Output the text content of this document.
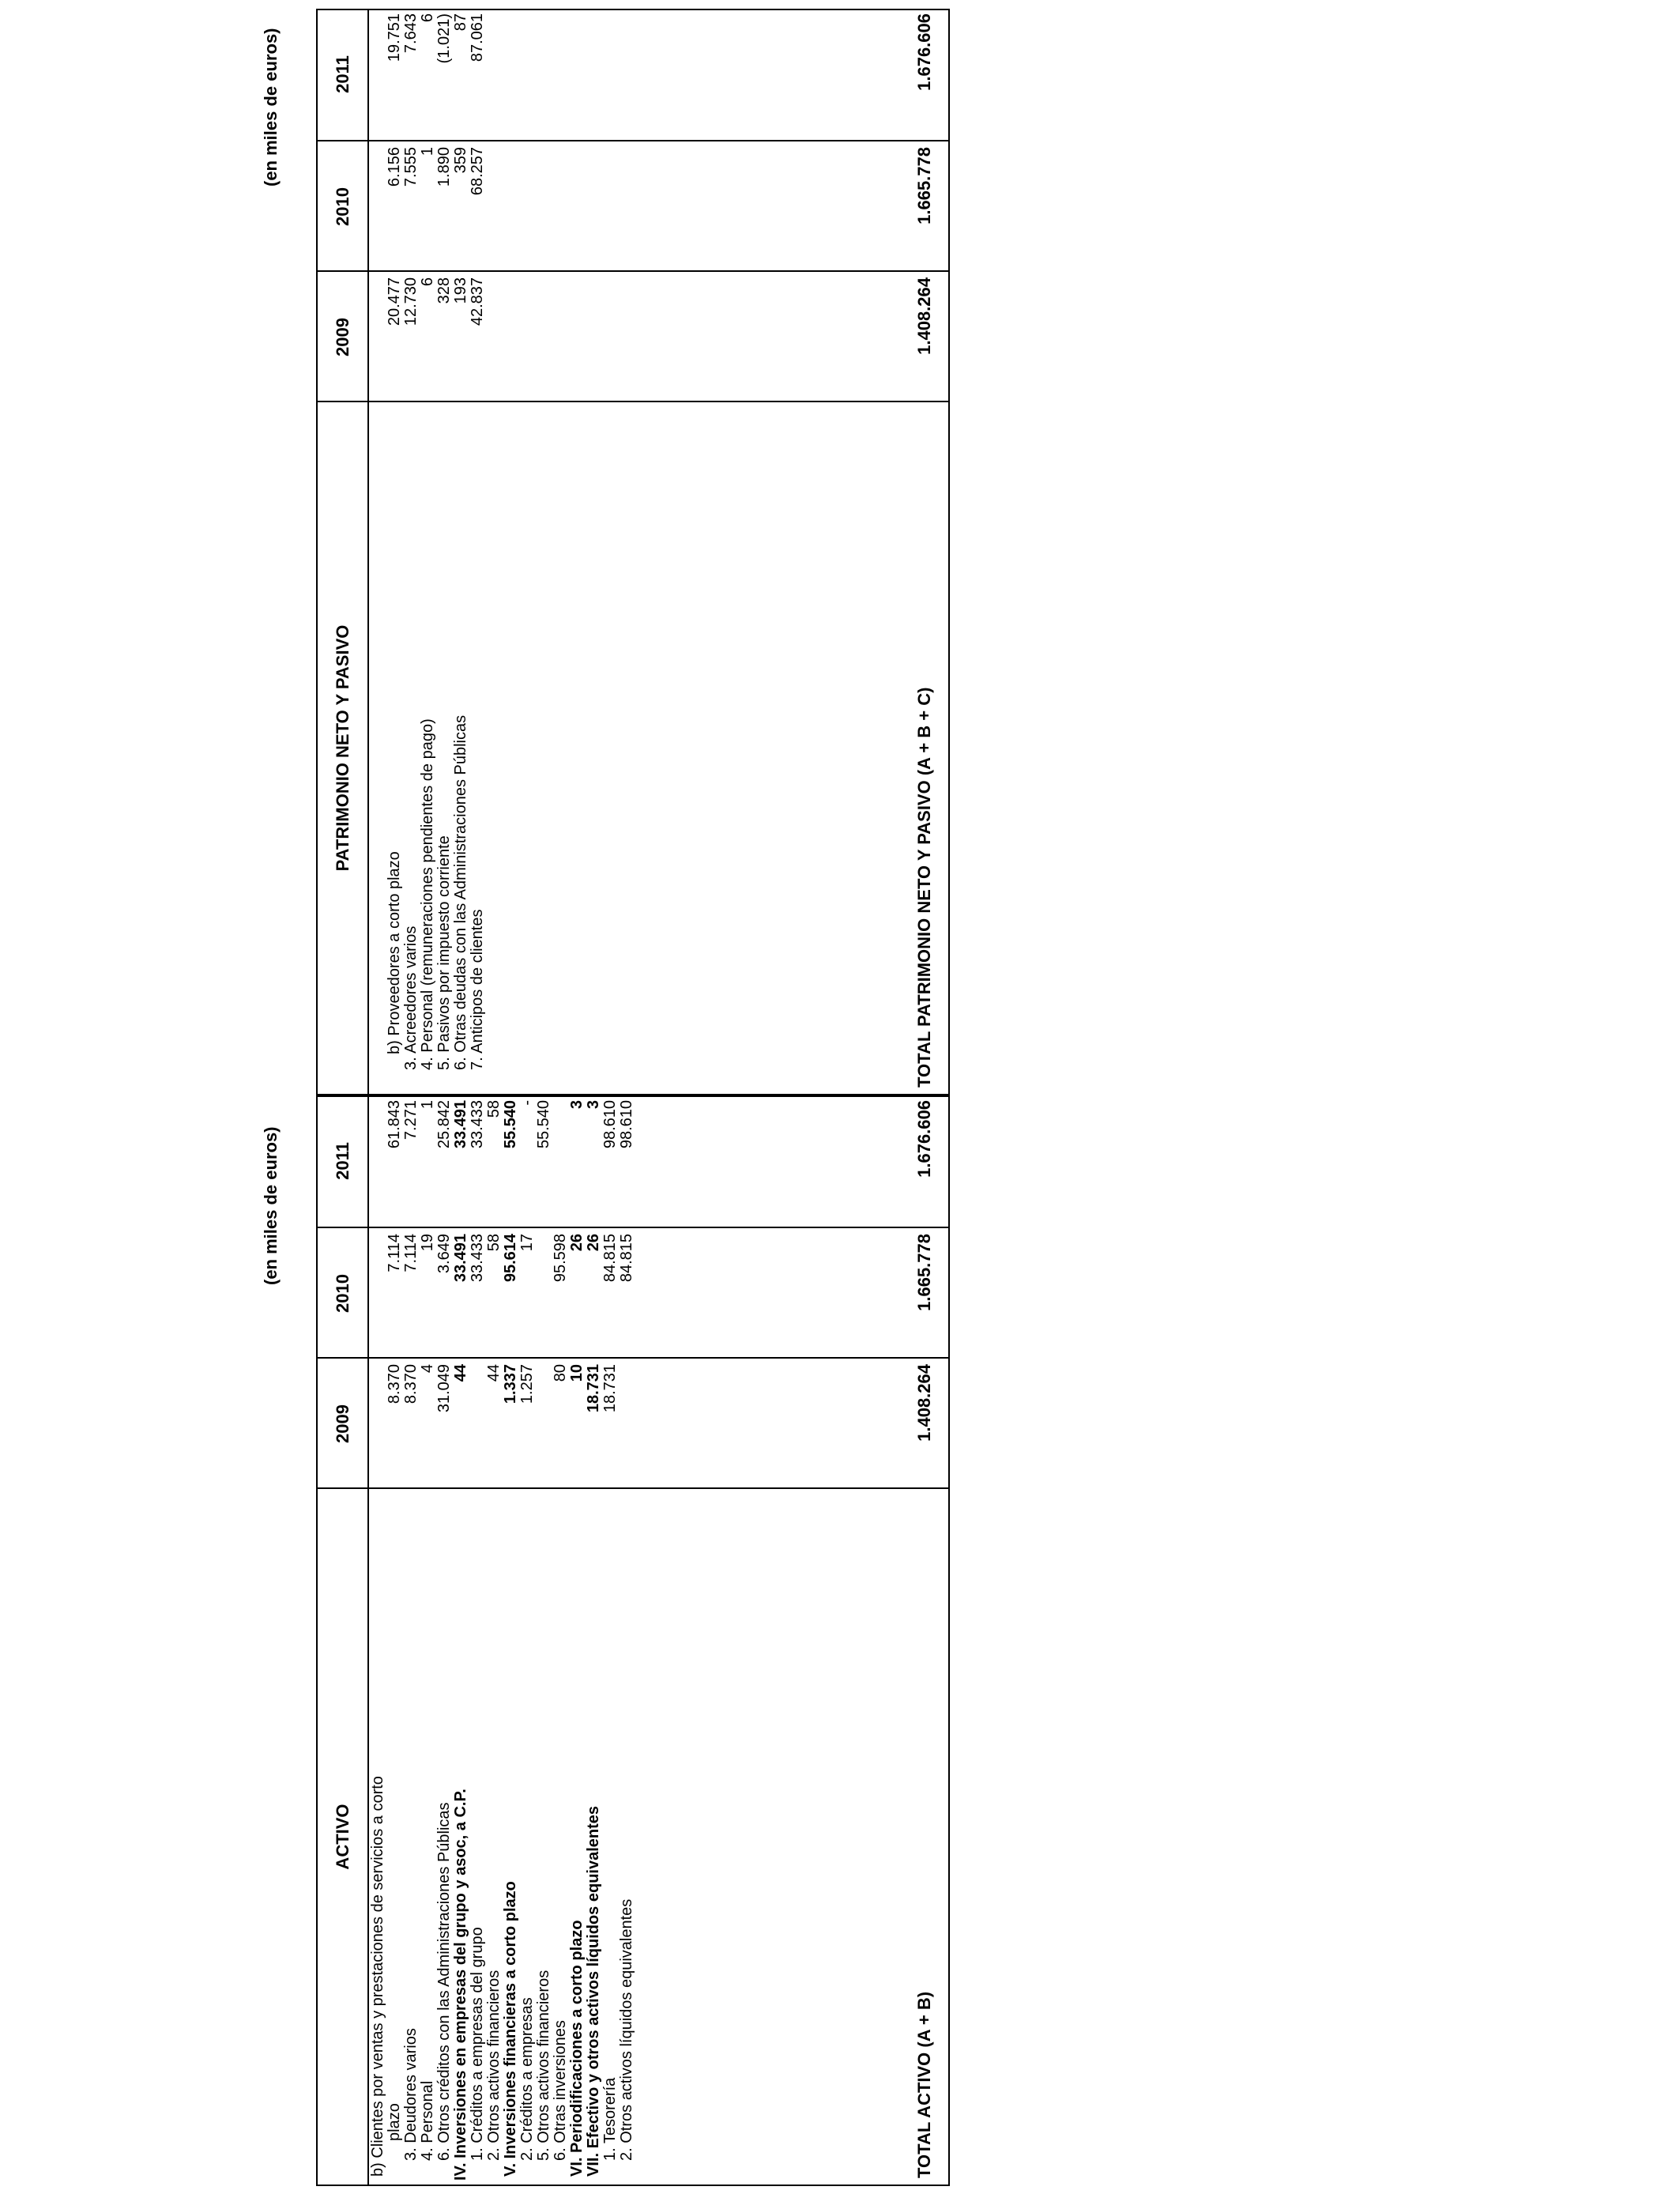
(en miles de euros)
ACTIVO
2009
2010
2011
b) Clientes por ventas y prestaciones de servicios a corto plazo
8.370
7.114
61.843
3. Deudores varios
8.370
7.114
7.271
4. Personal
4
19
1
6. Otros créditos con las Administraciones Públicas
31.049
3.649
25.842
IV. Inversiones en empresas del grupo y asoc, a C.P.
44
33.491
33.491
1. Créditos a empresas del grupo
33.433
33.433
2. Otros activos financieros
44
58
58
V. Inversiones financieras a corto plazo
1.337
95.614
55.540
2. Créditos a empresas
1.257
17
-
5. Otros activos financieros
55.540
6. Otras inversiones
80
95.598
VI. Periodificaciones a corto plazo
10
26
3
VII. Efectivo y otros activos líquidos equivalentes
18.731
26
3
1. Tesorería
18.731
84.815
98.610
2. Otros activos líquidos equivalentes
84.815
98.610
TOTAL ACTIVO (A + B)
1.408.264
1.665.778
1.676.606
(en miles de euros)
PATRIMONIO NETO Y PASIVO
2009
2010
2011
b) Proveedores a corto plazo
20.477
6.156
19.751
3. Acreedores varios
12.730
7.555
7.643
4. Personal (remuneraciones pendientes de pago)
6
1
6
5. Pasivos por impuesto corriente
328
1.890
(1.021)
6. Otras deudas con las Administraciones Públicas
193
359
87
7. Anticipos de clientes
42.837
68.257
87.061
TOTAL PATRIMONIO NETO Y PASIVO (A + B + C)
1.408.264
1.665.778
1.676.606
